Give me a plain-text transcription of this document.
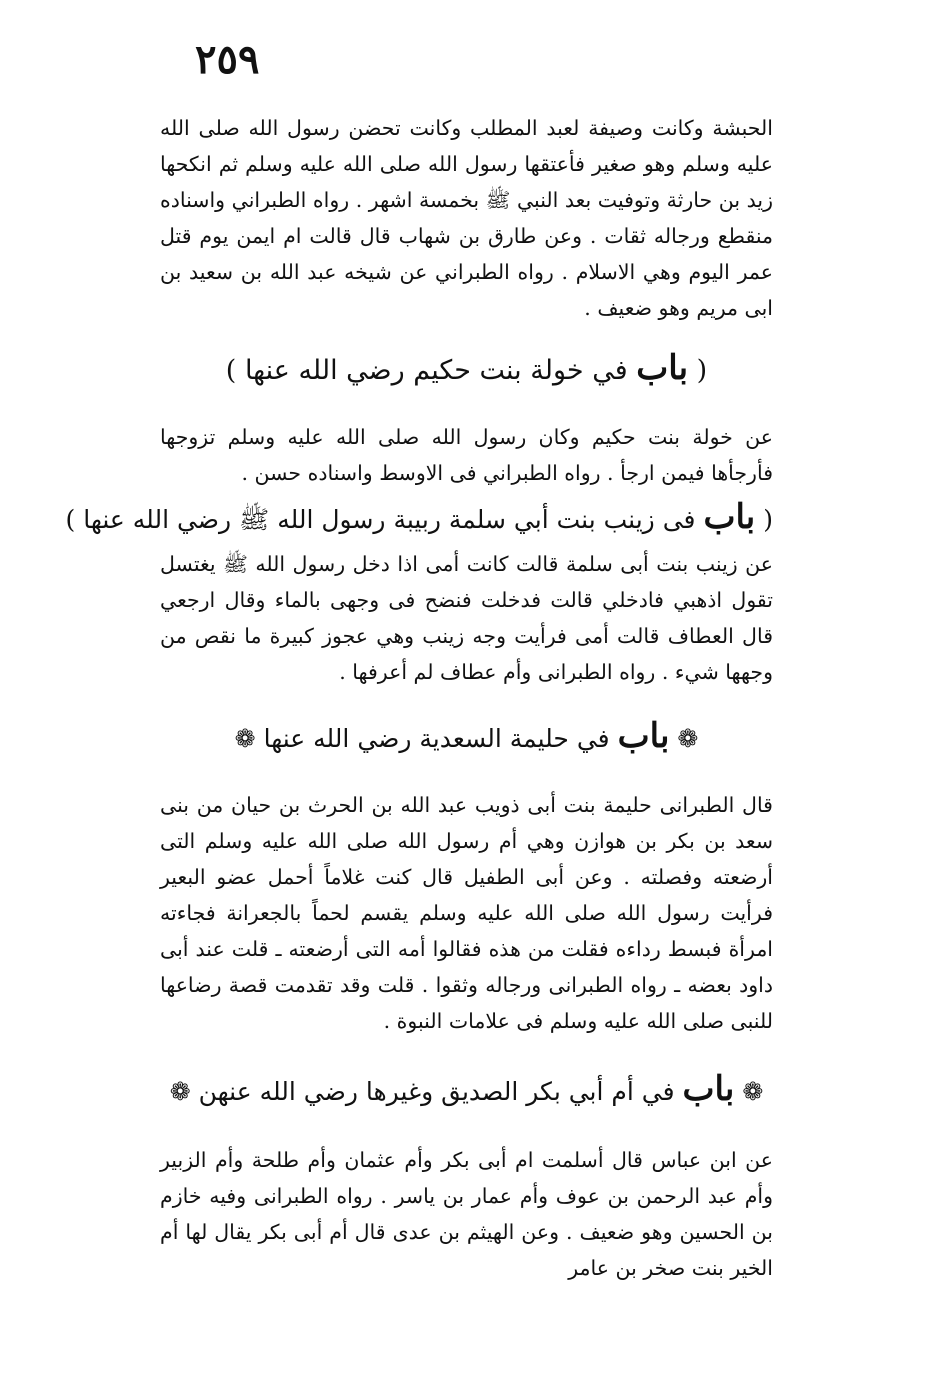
٢٥٩

الحبشة وكانت وصيفة لعبد المطلب وكانت تحضن رسول الله صلى الله عليه وسلم وهو صغير فأعتقها رسول الله صلى الله عليه وسلم ثم انكحها زيد بن حارثة وتوفيت بعد النبي ﷺ بخمسة اشهر . رواه الطبراني واسناده منقطع ورجاله ثقات . وعن طارق بن شهاب قال قالت ام ايمن يوم قتل عمر اليوم وهي الاسلام . رواه الطبراني عن شيخه عبد الله بن سعيد بن ابى مريم وهو ضعيف .

( باب في خولة بنت حكيم رضي الله عنها )

عن خولة بنت حكيم وكان رسول الله صلى الله عليه وسلم تزوجها فأرجأها فيمن ارجأ . رواه الطبراني فى الاوسط واسناده حسن .

( باب فى زينب بنت أبي سلمة ربيبة رسول الله ﷺ رضي الله عنها )

عن زينب بنت أبى سلمة قالت كانت أمى اذا دخل رسول الله ﷺ يغتسل تقول اذهبي فادخلي قالت فدخلت فنضح فى وجهى بالماء وقال ارجعي قال العطاف قالت أمى فرأيت وجه زينب وهي عجوز كبيرة ما نقص من وجهها شيء . رواه الطبرانى وأم عطاف لم أعرفها .

❁ باب في حليمة السعدية رضي الله عنها ❁

قال الطبرانى حليمة بنت أبى ذويب عبد الله بن الحرث بن حيان من بنى سعد بن بكر بن هوازن وهي أم رسول الله صلى الله عليه وسلم التى أرضعته وفصلته . وعن أبى الطفيل قال كنت غلاماً أحمل عضو البعير فرأيت رسول الله صلى الله عليه وسلم يقسم لحماً بالجعرانة فجاءته امرأة فبسط رداءه فقلت من هذه فقالوا أمه التى أرضعته ـ قلت عند أبى داود بعضه ـ رواه الطبرانى ورجاله وثقوا . قلت وقد تقدمت قصة رضاعها للنبى صلى الله عليه وسلم فى علامات النبوة .

❁ باب في أم أبي بكر الصديق وغيرها رضي الله عنهن ❁

عن ابن عباس قال أسلمت ام أبى بكر وأم عثمان وأم طلحة وأم الزبير وأم عبد الرحمن بن عوف وأم عمار بن ياسر . رواه الطبرانى وفيه خازم بن الحسين وهو ضعيف . وعن الهيثم بن عدى قال أم أبى بكر يقال لها أم الخير بنت صخر بن عامر
